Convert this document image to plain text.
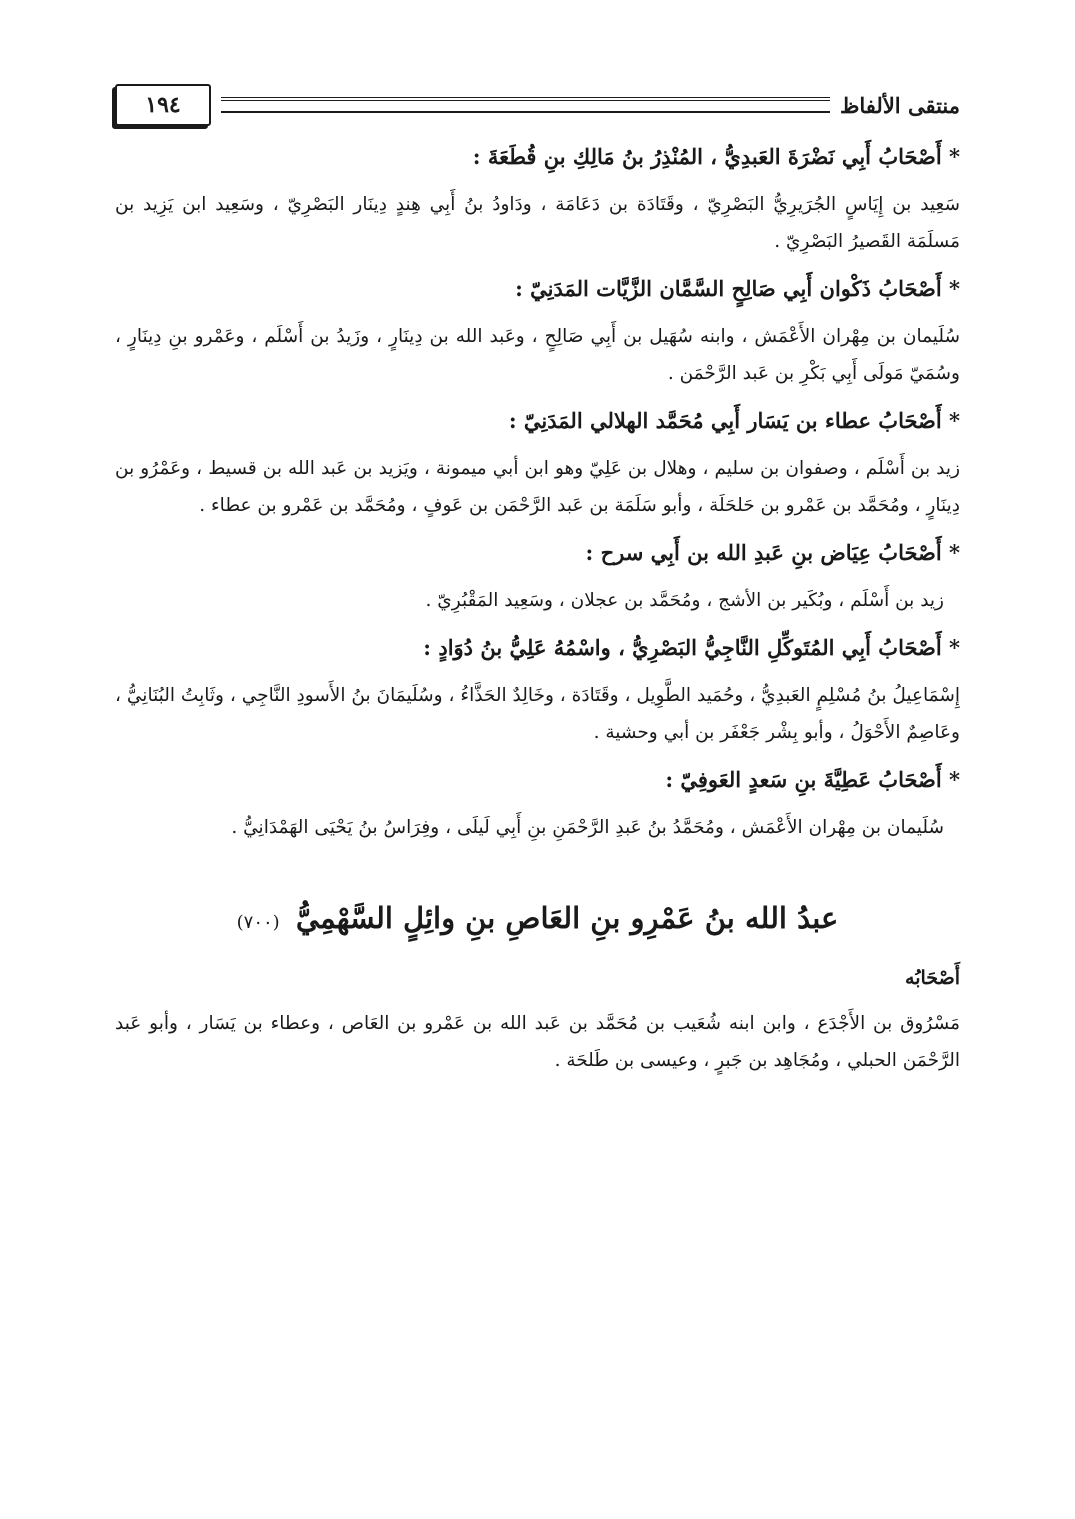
منتقى الألفاظ
١٩٤
* أَصْحَابُ أَبِي نَضْرَةَ العَبدِيُّ ، المُنْذِرُ بنُ مَالِكِ بنِ قُطَعَةَ :
سَعِيد بن إِيَاسٍ الجُرَيرِيُّ البَصْرِيّ ، وقَتَادَة بن دَعَامَة ، ودَاودُ بنُ أَبِي هِندٍ دِينَار البَصْرِيّ ، وسَعِيد ابن يَزِيد بن مَسلَمَة القَصيرُ البَصْرِيّ .
* أَصْحَابُ ذَكْوان أَبِي صَالِحٍ السَّمَّان الزَّيَّات المَدَنِيّ :
سُلَيمان بن مِهْران الأَعْمَش ، وابنه سُهَيل بن أَبِي صَالِحٍ ، وعَبد الله بن دِينَارٍ ، وزَيدُ بن أَسْلَم ، وعَمْرو بنِ دِينَارٍ ، وسُمَيّ مَولَى أَبِي بَكْرِ بن عَبد الرَّحْمَن .
* أَصْحَابُ عطاء بن يَسَار أَبِي مُحَمَّد الهلالي المَدَنِيّ :
زيد بن أَسْلَم ، وصفوان بن سليم ، وهلال بن عَلِيّ وهو ابن أبي ميمونة ، ويَزيد بن عَبد الله بن قسيط ، وعَمْرُو بن دِينَارٍ ، ومُحَمَّد بن عَمْرو بن حَلحَلَة ، وأبو سَلَمَة بن عَبد الرَّحْمَن بن عَوفٍ ، ومُحَمَّد بن عَمْرو بن عطاء .
* أَصْحَابُ عِيَاض بنِ عَبدِ الله بن أَبِي سرح :
زيد بن أَسْلَم ، وبُكَير بن الأشج ، ومُحَمَّد بن عجلان ، وسَعِيد المَقْبُرِيّ .
* أَصْحَابُ أَبِي المُتَوكِّلِ النَّاجِيُّ البَصْرِيُّ ، واسْمُهُ عَلِيُّ بنُ دُوَادٍ :
إِسْمَاعِيلُ بنُ مُسْلِمٍ العَبدِيُّ ، وحُمَيد الطَّوِيل ، وقَتَادَة ، وخَالِدٌ الحَذَّاءُ ، وسُلَيمَانَ بنُ الأَسودِ النَّاجِي ، وثَابِتُ البُنَانِيُّ ، وعَاصِمٌ الأَحْوَلُ ، وأبو بِشْر جَعْفَر بن أبي وحشية .
* أَصْحَابُ عَطِيَّةَ بنِ سَعدٍ العَوفِيّ :
سُلَيمان بن مِهْران الأَعْمَش ، ومُحَمَّدُ بنُ عَبدِ الرَّحْمَنِ بنِ أَبِي لَيلَى ، وفِرَاسُ بنُ يَحْيَى الهَمْدَانِيُّ .
عبدُ الله بنُ عَمْرِو بنِ العَاصِ بنِ وائِلٍ السَّهْمِيُّ (٧٠٠)
أَصْحَابُه
مَسْرُوق بن الأَجْدَع ، وابن ابنه شُعَيب بن مُحَمَّد بن عَبد الله بن عَمْرو بن العَاص ، وعطاء بن يَسَار ، وأبو عَبد الرَّحْمَن الحبلي ، ومُجَاهِد بن جَبرٍ ، وعيسى بن طَلحَة .
